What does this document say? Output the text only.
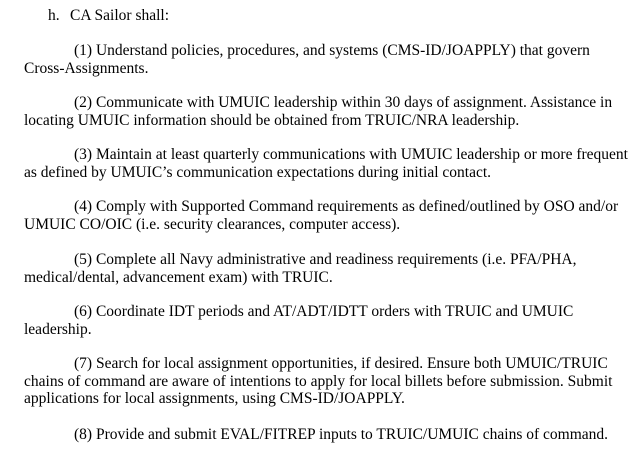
h. CA Sailor shall:
(1) Understand policies, procedures, and systems (CMS-ID/JOAPPLY) that govern
Cross-Assignments.
(2) Communicate with UMUIC leadership within 30 days of assignment. Assistance in
locating UMUIC information should be obtained from TRUIC/NRA leadership.
(3) Maintain at least quarterly communications with UMUIC leadership or more frequent
as defined by UMUIC’s communication expectations during initial contact.
(4) Comply with Supported Command requirements as defined/outlined by OSO and/or
UMUIC CO/OIC (i.e. security clearances, computer access).
(5) Complete all Navy administrative and readiness requirements (i.e. PFA/PHA,
medical/dental, advancement exam) with TRUIC.
(6) Coordinate IDT periods and AT/ADT/IDTT orders with TRUIC and UMUIC
leadership.
(7) Search for local assignment opportunities, if desired. Ensure both UMUIC/TRUIC
chains of command are aware of intentions to apply for local billets before submission. Submit
applications for local assignments, using CMS-ID/JOAPPLY.
(8) Provide and submit EVAL/FITREP inputs to TRUIC/UMUIC chains of command.
